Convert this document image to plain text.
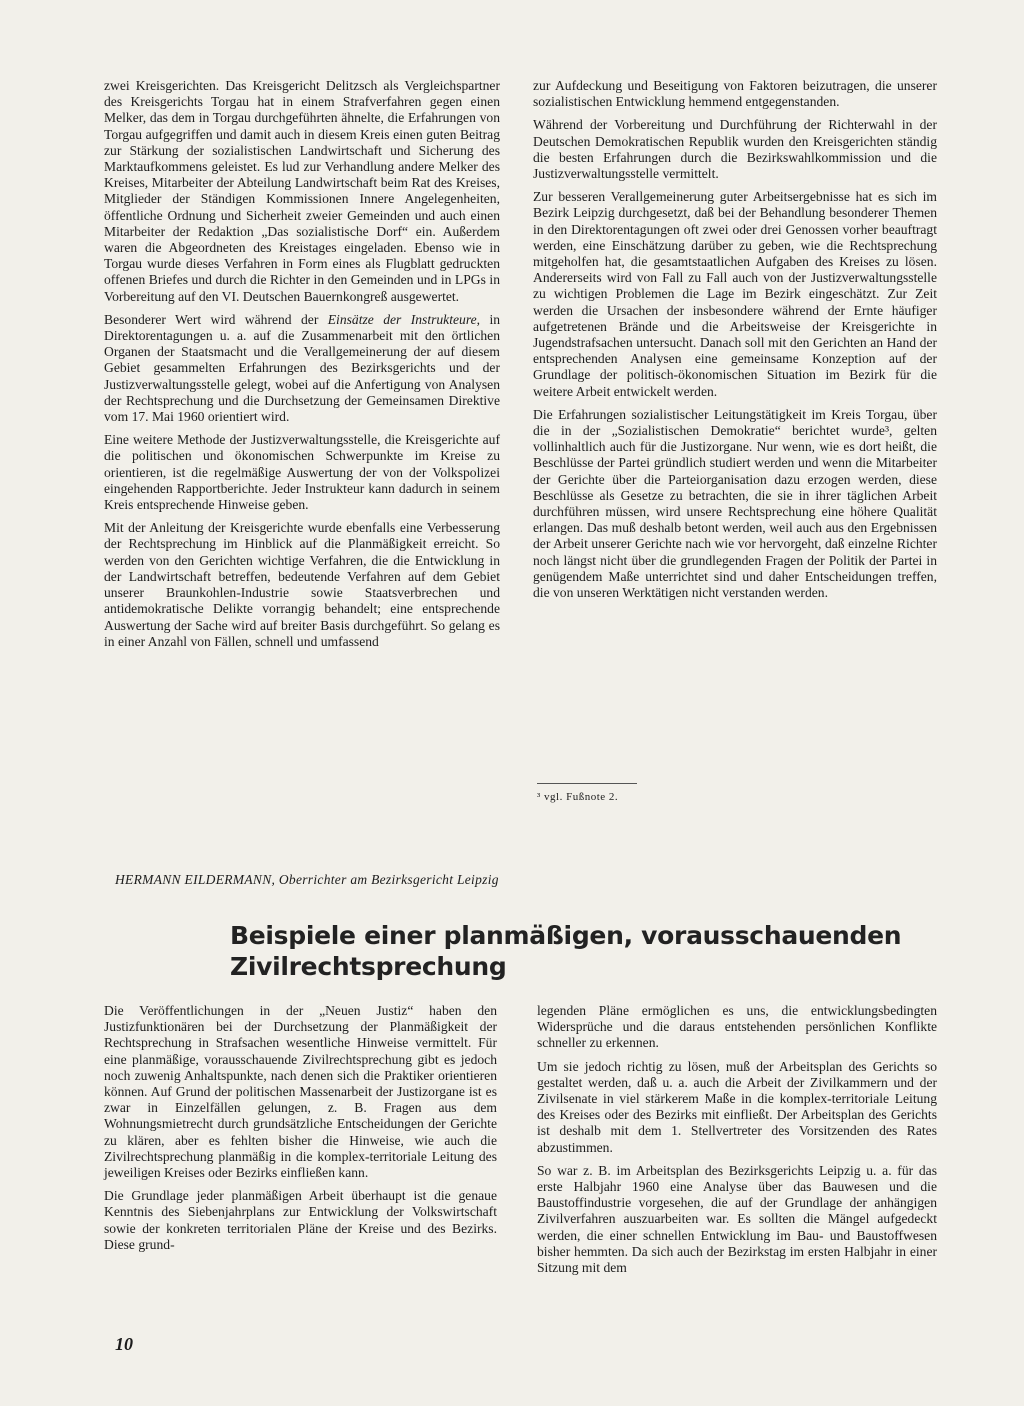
zwei Kreisgerichten. Das Kreisgericht Delitzsch als Vergleichspartner des Kreisgerichts Torgau hat in einem Strafverfahren gegen einen Melker, das dem in Torgau durchgeführten ähnelte, die Erfahrungen von Torgau aufgegriffen und damit auch in diesem Kreis einen guten Beitrag zur Stärkung der sozialistischen Landwirtschaft und Sicherung des Marktaufkommens geleistet. Es lud zur Verhandlung andere Melker des Kreises, Mitarbeiter der Abteilung Landwirtschaft beim Rat des Kreises, Mitglieder der Ständigen Kommissionen Innere Angelegenheiten, öffentliche Ordnung und Sicherheit zweier Gemeinden und auch einen Mitarbeiter der Redaktion „Das sozialistische Dorf“ ein. Außerdem waren die Abgeordneten des Kreistages eingeladen. Ebenso wie in Torgau wurde dieses Verfahren in Form eines als Flugblatt gedruckten offenen Briefes und durch die Richter in den Gemeinden und in LPGs in Vorbereitung auf den VI. Deutschen Bauernkongreß ausgewertet.

Besonderer Wert wird während der Einsätze der Instrukteure, in Direktorentagungen u. a. auf die Zusammenarbeit mit den örtlichen Organen der Staatsmacht und die Verallgemeinerung der auf diesem Gebiet gesammelten Erfahrungen des Bezirksgerichts und der Justizverwaltungsstelle gelegt, wobei auf die Anfertigung von Analysen der Rechtsprechung und die Durchsetzung der Gemeinsamen Direktive vom 17. Mai 1960 orientiert wird.

Eine weitere Methode der Justizverwaltungsstelle, die Kreisgerichte auf die politischen und ökonomischen Schwerpunkte im Kreise zu orientieren, ist die regelmäßige Auswertung der von der Volkspolizei eingehenden Rapportberichte. Jeder Instrukteur kann dadurch in seinem Kreis entsprechende Hinweise geben.

Mit der Anleitung der Kreisgerichte wurde ebenfalls eine Verbesserung der Rechtsprechung im Hinblick auf die Planmäßigkeit erreicht. So werden von den Gerichten wichtige Verfahren, die die Entwicklung in der Landwirtschaft betreffen, bedeutende Verfahren auf dem Gebiet unserer Braunkohlen-Industrie sowie Staatsverbrechen und antidemokratische Delikte vorrangig behandelt; eine entsprechende Auswertung der Sache wird auf breiter Basis durchgeführt. So gelang es in einer Anzahl von Fällen, schnell und umfassend

zur Aufdeckung und Beseitigung von Faktoren beizutragen, die unserer sozialistischen Entwicklung hemmend entgegenstanden.

Während der Vorbereitung und Durchführung der Richterwahl in der Deutschen Demokratischen Republik wurden den Kreisgerichten ständig die besten Erfahrungen durch die Bezirkswahlkommission und die Justizverwaltungsstelle vermittelt.

Zur besseren Verallgemeinerung guter Arbeitsergebnisse hat es sich im Bezirk Leipzig durchgesetzt, daß bei der Behandlung besonderer Themen in den Direktorentagungen oft zwei oder drei Genossen vorher beauftragt werden, eine Einschätzung darüber zu geben, wie die Rechtsprechung mitgeholfen hat, die gesamtstaatlichen Aufgaben des Kreises zu lösen. Andererseits wird von Fall zu Fall auch von der Justizverwaltungsstelle zu wichtigen Problemen die Lage im Bezirk eingeschätzt. Zur Zeit werden die Ursachen der insbesondere während der Ernte häufiger aufgetretenen Brände und die Arbeitsweise der Kreisgerichte in Jugendstrafsachen untersucht. Danach soll mit den Gerichten an Hand der entsprechenden Analysen eine gemeinsame Konzeption auf der Grundlage der politisch-ökonomischen Situation im Bezirk für die weitere Arbeit entwickelt werden.

Die Erfahrungen sozialistischer Leitungstätigkeit im Kreis Torgau, über die in der „Sozialistischen Demokratie“ berichtet wurde³, gelten vollinhaltlich auch für die Justizorgane. Nur wenn, wie es dort heißt, die Beschlüsse der Partei gründlich studiert werden und wenn die Mitarbeiter der Gerichte über die Parteiorganisation dazu erzogen werden, diese Beschlüsse als Gesetze zu betrachten, die sie in ihrer täglichen Arbeit durchführen müssen, wird unsere Rechtsprechung eine höhere Qualität erlangen. Das muß deshalb betont werden, weil auch aus den Ergebnissen der Arbeit unserer Gerichte nach wie vor hervorgeht, daß einzelne Richter noch längst nicht über die grundlegenden Fragen der Politik der Partei in genügendem Maße unterrichtet sind und daher Entscheidungen treffen, die von unseren Werktätigen nicht verstanden werden.

³ vgl. Fußnote 2.
HERMANN EILDERMANN, Oberrichter am Bezirksgericht Leipzig
Beispiele einer planmäßigen, vorausschauenden Zivilrechtsprechung

Die Veröffentlichungen in der „Neuen Justiz“ haben den Justizfunktionären bei der Durchsetzung der Planmäßigkeit der Rechtsprechung in Strafsachen wesentliche Hinweise vermittelt. Für eine planmäßige, vorausschauende Zivilrechtsprechung gibt es jedoch noch zuwenig Anhaltspunkte, nach denen sich die Praktiker orientieren können. Auf Grund der politischen Massenarbeit der Justizorgane ist es zwar in Einzelfällen gelungen, z. B. Fragen aus dem Wohnungsmietrecht durch grundsätzliche Entscheidungen der Gerichte zu klären, aber es fehlten bisher die Hinweise, wie auch die Zivilrechtsprechung planmäßig in die komplex-territoriale Leitung des jeweiligen Kreises oder Bezirks einfließen kann.

Die Grundlage jeder planmäßigen Arbeit überhaupt ist die genaue Kenntnis des Siebenjahrplans zur Entwicklung der Volkswirtschaft sowie der konkreten territorialen Pläne der Kreise und des Bezirks. Diese grund-

legenden Pläne ermöglichen es uns, die entwicklungsbedingten Widersprüche und die daraus entstehenden persönlichen Konflikte schneller zu erkennen.

Um sie jedoch richtig zu lösen, muß der Arbeitsplan des Gerichts so gestaltet werden, daß u. a. auch die Arbeit der Zivilkammern und der Zivilsenate in viel stärkerem Maße in die komplex-territoriale Leitung des Kreises oder des Bezirks mit einfließt. Der Arbeitsplan des Gerichts ist deshalb mit dem 1. Stellvertreter des Vorsitzenden des Rates abzustimmen.

So war z. B. im Arbeitsplan des Bezirksgerichts Leipzig u. a. für das erste Halbjahr 1960 eine Analyse über das Bauwesen und die Baustoffindustrie vorgesehen, die auf der Grundlage der anhängigen Zivilverfahren auszuarbeiten war. Es sollten die Mängel aufgedeckt werden, die einer schnellen Entwicklung im Bau- und Baustoffwesen bisher hemmten. Da sich auch der Bezirkstag im ersten Halbjahr in einer Sitzung mit dem

10
